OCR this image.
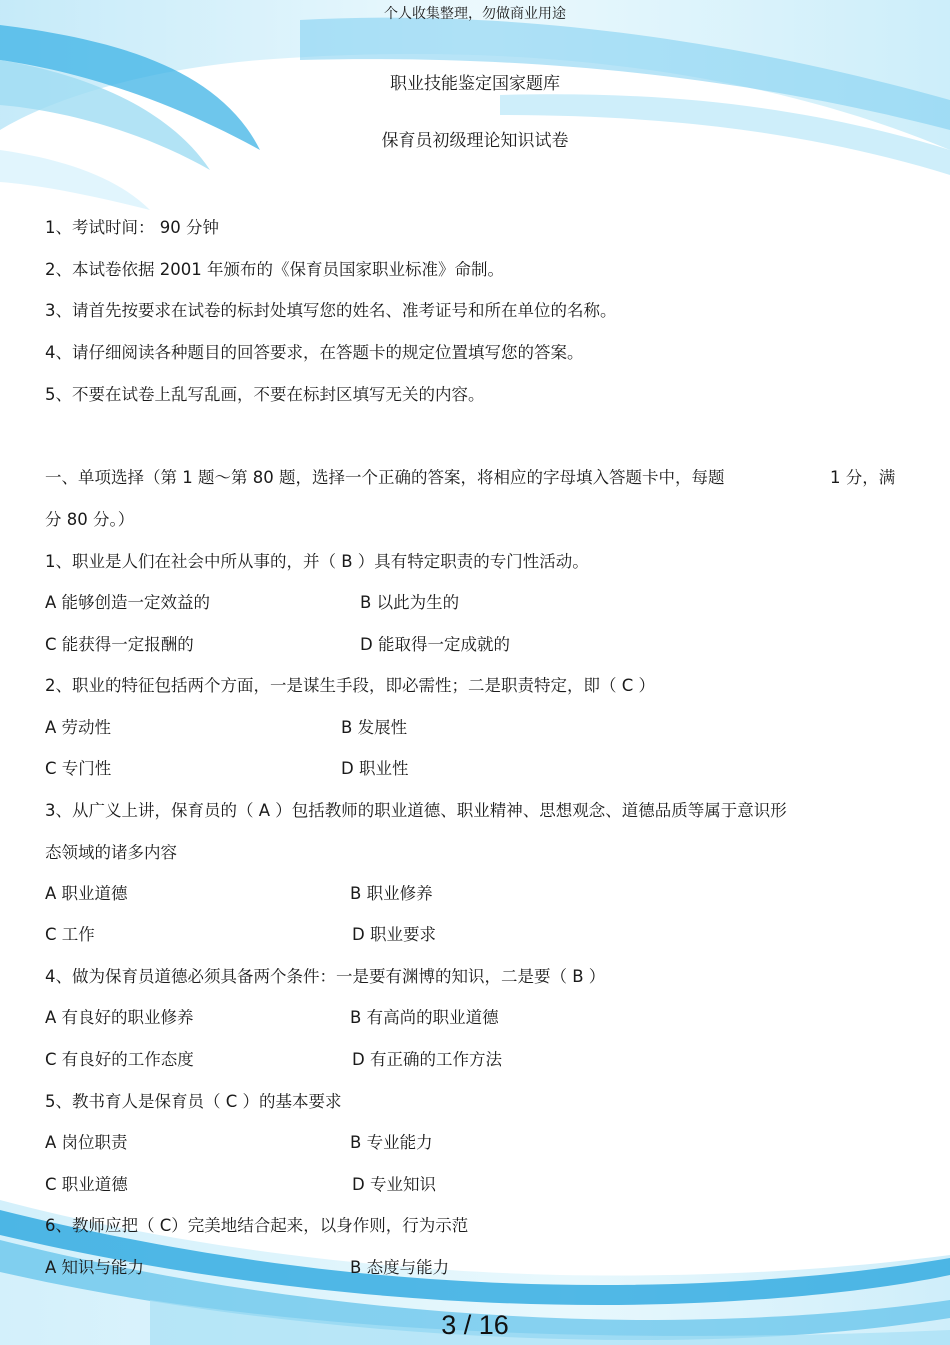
个人收集整理，勿做商业用途
职业技能鉴定国家题库
保育员初级理论知识试卷
1、考试时间： 90 分钟
2、本试卷依据 2001 年颁布的《保育员国家职业标准》命制。
3、请首先按要求在试卷的标封处填写您的姓名、准考证号和所在单位的名称。
4、请仔细阅读各种题目的回答要求，在答题卡的规定位置填写您的答案。
5、不要在试卷上乱写乱画，不要在标封区填写无关的内容。
一、单项选择（第 1 题～第 80 题，选择一个正确的答案，将相应的字母填入答题卡中，每题	1 分，满
分 80 分。）
1、职业是人们在社会中所从事的，并（ B ）具有特定职责的专门性活动。
A 能够创造一定效益的	B 以此为生的
C 能获得一定报酬的	D 能取得一定成就的
2、职业的特征包括两个方面，一是谋生手段，即必需性；二是职责特定，即（ C ）
A 劳动性	B 发展性
C 专门性	D 职业性
3、从广义上讲，保育员的（ A ）包括教师的职业道德、职业精神、思想观念、道德品质等属于意识形
态领域的诸多内容
A 职业道德	B 职业修养
C 工作	D 职业要求
4、做为保育员道德必须具备两个条件：一是要有渊博的知识，二是要（ B ）
A 有良好的职业修养	B 有高尚的职业道德
C 有良好的工作态度	D 有正确的工作方法
5、教书育人是保育员（ C ）的基本要求
A 岗位职责	B 专业能力
C 职业道德	D 专业知识
6、教师应把（ C）完美地结合起来，以身作则，行为示范
A 知识与能力	B 态度与能力
3 / 16
